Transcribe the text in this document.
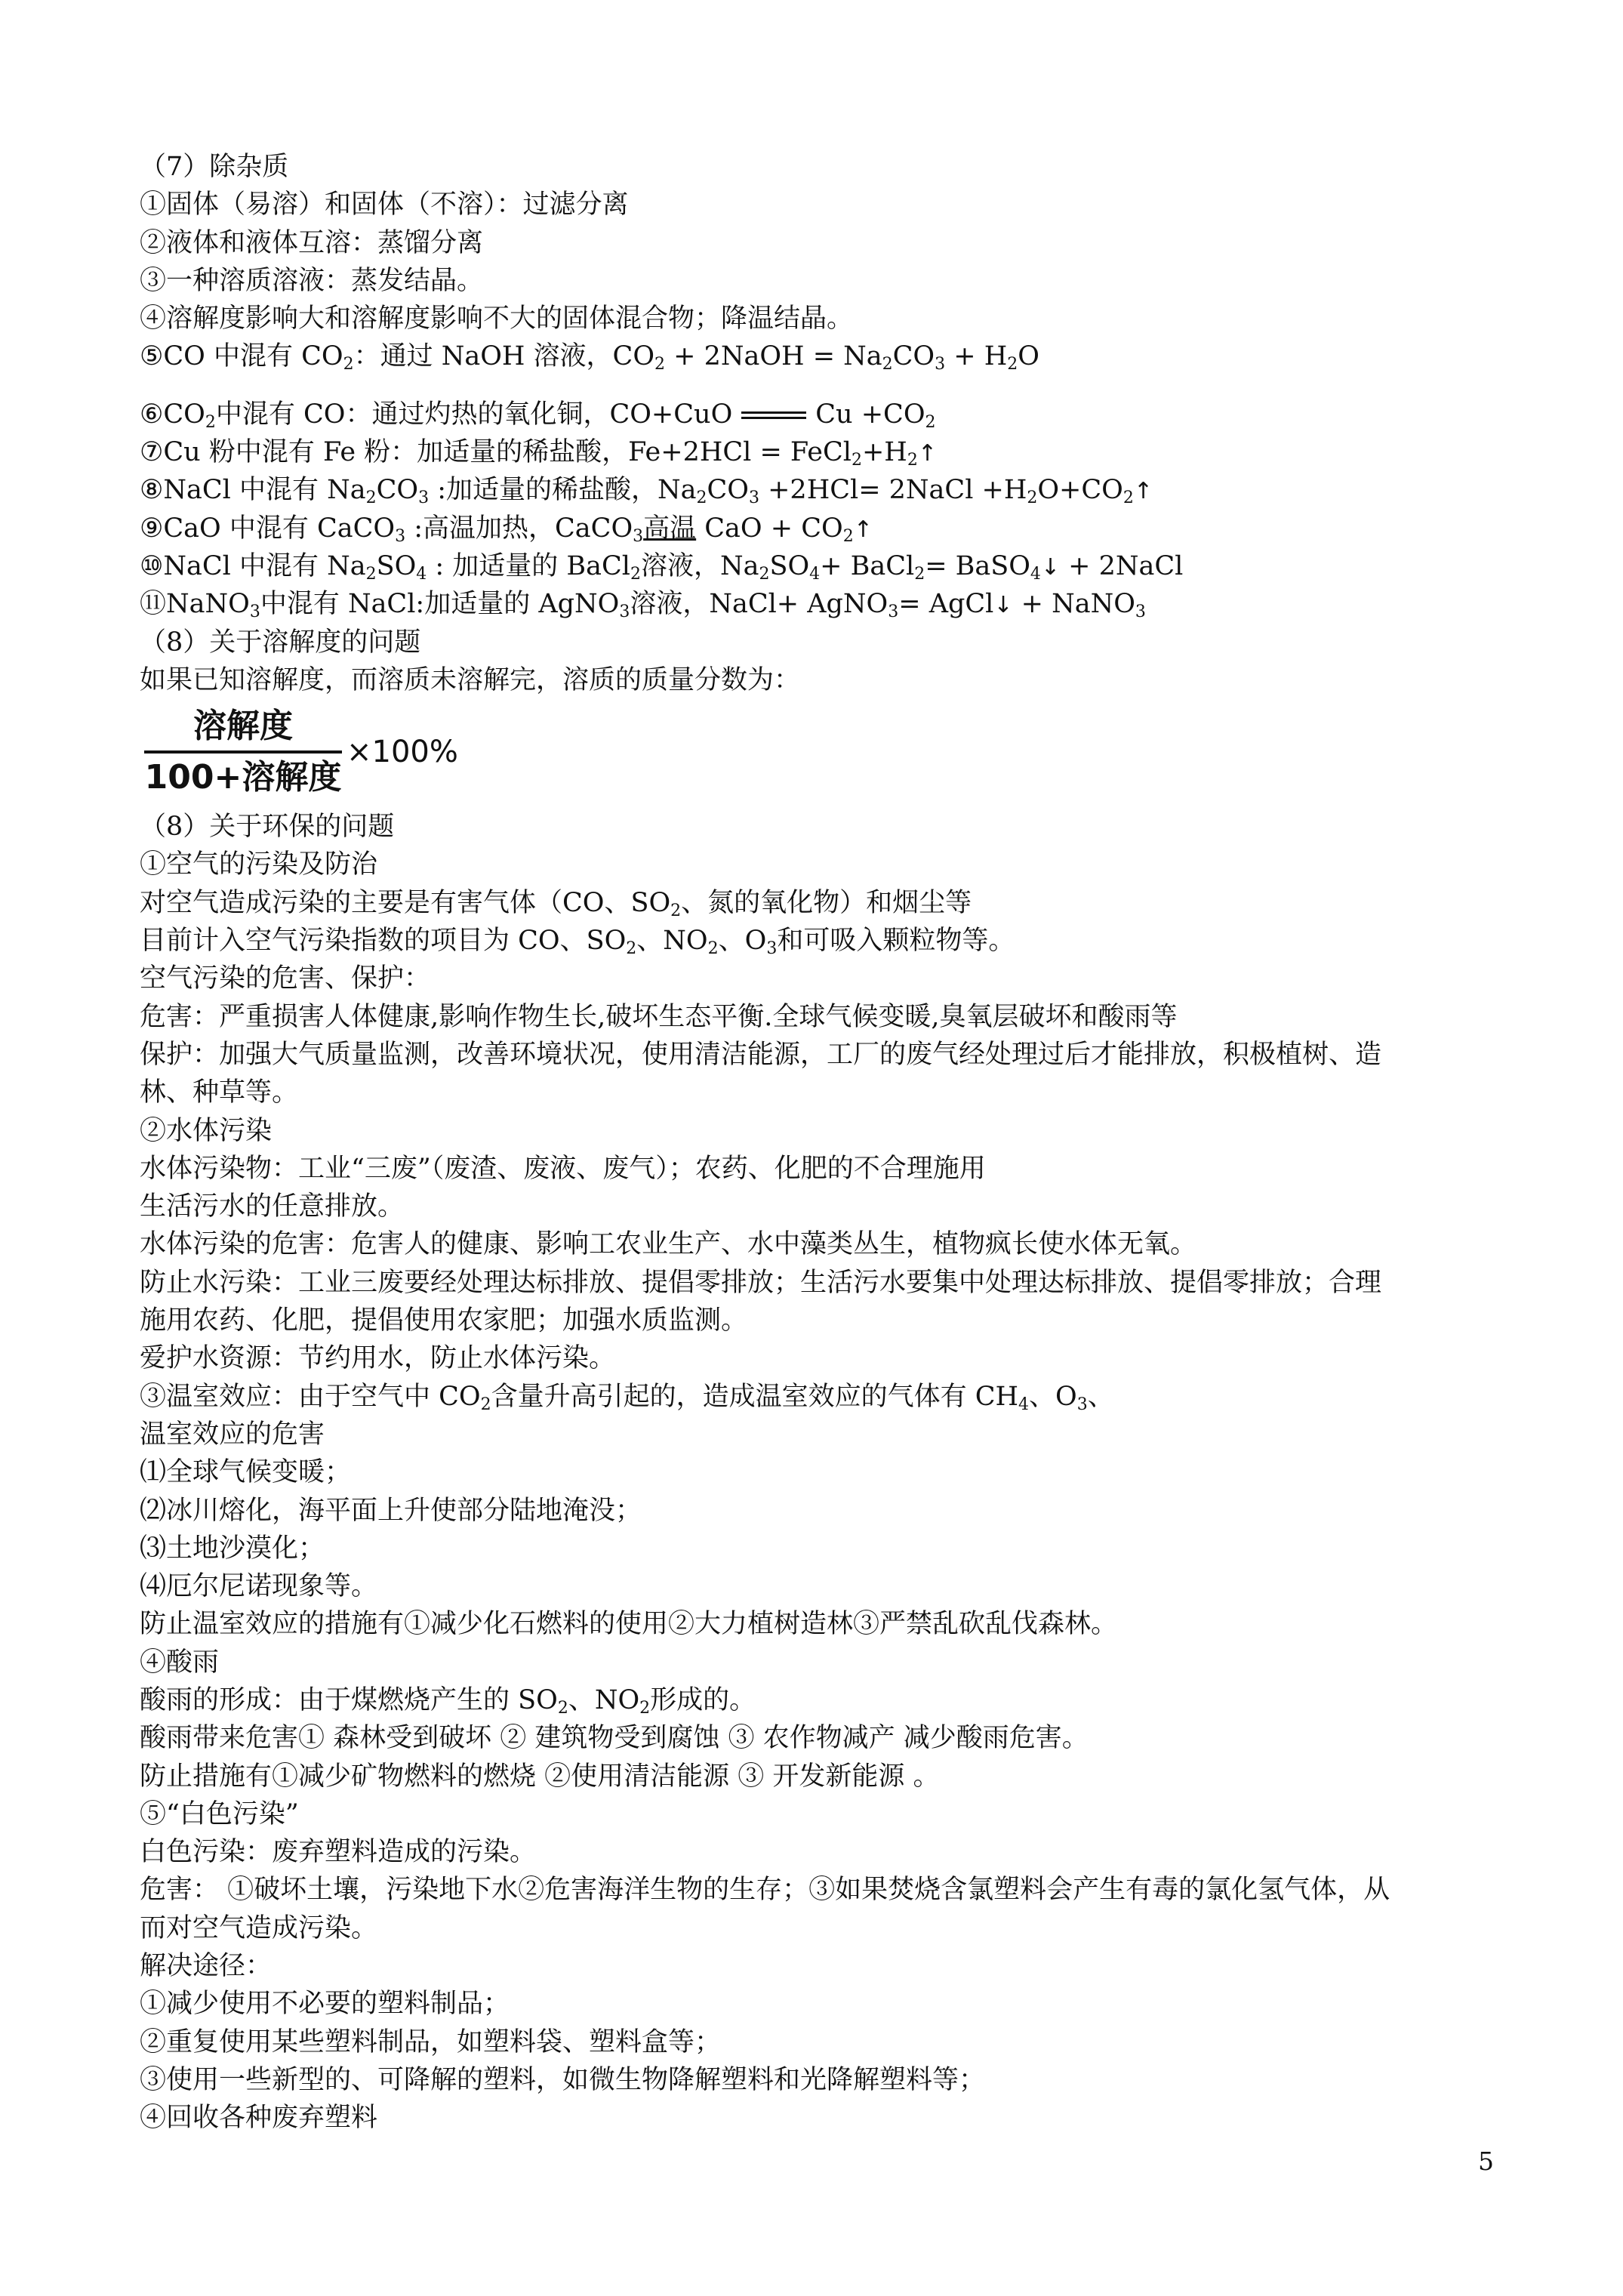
（7）除杂质
①固体（易溶）和固体（不溶）：过滤分离
②液体和液体互溶：蒸馏分离
③一种溶质溶液：蒸发结晶。
④溶解度影响大和溶解度影响不大的固体混合物；降温结晶。
⑤CO 中混有 $CO_2$：通过 NaOH 溶液，$CO_2$ + 2NaOH = $Na_2CO_3 + H_2O$
$⑥CO_2$中混有 CO：通过灼热的氧化铜，CO+CuO	$Cu +CO_2$
⑦Cu 粉中混有 Fe 粉：加适量的稀盐酸，$Fe+2HCl = FeCl_2+H_2↑$
⑧NaCl 中混有 $Na_2CO_3$ :加适量的稀盐酸，$Na_2CO_3 +2HCl=$ 2NaCl $+H_2O+CO_2↑$
⑨CaO 中混有 CaCO$_3$ :高温加热，CaCO$_3$高温 CaO + $CO_2↑$
⑩NaCl 中混有 $Na_2SO_4$ : 加适量的 BaCl$_2$溶液，$Na_2SO_4+$ BaCl$_2$= BaSO$_4$↓ + 2NaCl
⑪NaNO$_3$中混有 NaCl:加适量的 AgNO$_3$溶液，NaCl+ AgNO$_3$= AgCl↓ + NaNO$_3$
（8）关于溶解度的问题
如果已知溶解度，而溶质未溶解完，溶质的质量分数为：
$\frac{\text{溶解度}}{\text{100+溶解度}} \times 100\%$
（8）关于环保的问题
①空气的污染及防治
对空气造成污染的主要是有害气体（CO、$SO_2$、氮的氧化物）和烟尘等
目前计入空气污染指数的项目为 CO、$SO_2$、$NO_2$、$O_3$和可吸入颗粒物等。
空气污染的危害、保护：
危害：严重损害人体健康,影响作物生长,破坏生态平衡.全球气候变暖,臭氧层破坏和酸雨等
保护：加强大气质量监测，改善环境状况，使用清洁能源，工厂的废气经处理过后才能排放，积极植树、造
林、种草等。
②水体污染
水体污染物：工业“三废”（废渣、废液、废气）；农药、化肥的不合理施用
生活污水的任意排放。
水体污染的危害：危害人的健康、影响工农业生产、水中藻类丛生，植物疯长使水体无氧。
防止水污染：工业三废要经处理达标排放、提倡零排放；生活污水要集中处理达标排放、提倡零排放；合理
施用农药、化肥，提倡使用农家肥；加强水质监测。
爱护水资源：节约用水，防止水体污染。
③温室效应：由于空气中 $CO_2$含量升高引起的，造成温室效应的气体有 $CH_4$、$O_3$、
温室效应的危害
⑴全球气候变暖；
⑵冰川熔化，海平面上升使部分陆地淹没；
⑶土地沙漠化；
⑷厄尔尼诺现象等。
防止温室效应的措施有①减少化石燃料的使用②大力植树造林③严禁乱砍乱伐森林。
④酸雨
酸雨的形成：由于煤燃烧产生的 $SO_2$、$NO_2$形成的。
酸雨带来危害① 森林受到破坏 ② 建筑物受到腐蚀 ③ 农作物减产 减少酸雨危害。
防止措施有①减少矿物燃料的燃烧 ②使用清洁能源 ③ 开发新能源 。
⑤“白色污染”
白色污染：废弃塑料造成的污染。
危害： ①破坏土壤，污染地下水②危害海洋生物的生存；③如果焚烧含氯塑料会产生有毒的氯化氢气体，从
而对空气造成污染。
解决途径：
①减少使用不必要的塑料制品；
②重复使用某些塑料制品，如塑料袋、塑料盒等；
③使用一些新型的、可降解的塑料，如微生物降解塑料和光降解塑料等；
④回收各种废弃塑料
5
